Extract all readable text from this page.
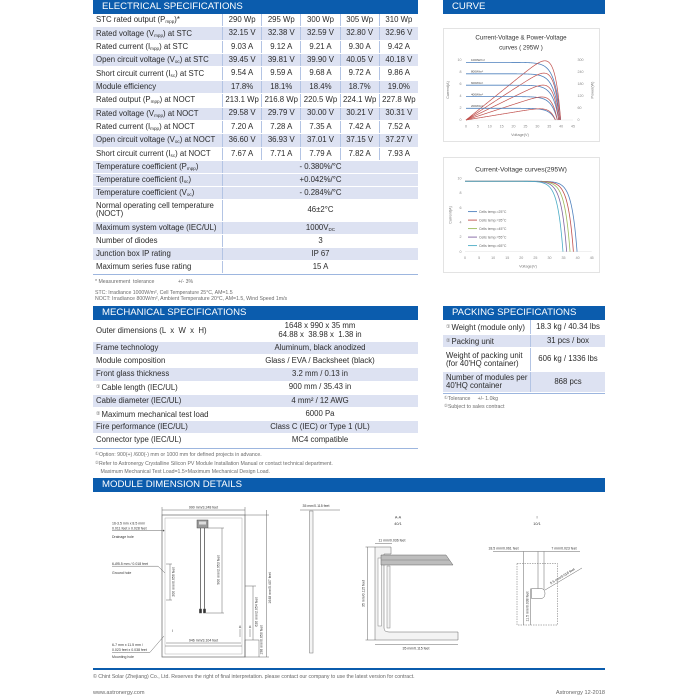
ELECTRICAL SPECIFICATIONS
STC rated output $(P_{mpp})*$	290 Wp	295 Wp	300 Wp	305 Wp	310 Wp
Rated voltage $(V_{mpp})$ at STC	32.15 V	32.38 V	32.59 V	32.80 V	32.96 V
Rated current $(I_{mpp})$ at STC	9.03 A	9.12 A	9.21 A	9.30 A	9.42 A
Open circuit voltage $(V_{oc})$ at STC	39.45 V	39.81 V	39.90 V	40.05 V	40.18 V
Short circuit current $(I_{sc})$ at STC	9.54 A	9.59 A	9.68 A	9.72 A	9.86 A
Module efficiency	17.8%	18.1%	18.4%	18.7%	19.0%
Rated output $(P_{mpp})$ at NOCT	213.1 Wp 216.8 Wp 220.5 Wp 224.1 Wp 227.8 Wp
Rated voltage $(V_{mpp})$ at NOCT	29.58 V	29.79 V	30.00 V	30.21 V	30.31 V
Rated current $(I_{mpp})$ at NOCT	7.20 A	7.28 A	7.35 A	7.42 A	7.52 A
Open circuit voltage $(V_{oc})$ at NOCT	36.60 V	36.93 V	37.01 V	37.15 V	37.27 V
Short circuit current $(I_{sc})$ at NOCT	7.67 A	7.71 A	7.79 A	7.82 A	7.93 A
Temperature coefficient $(P_{mpp})$	- 0.380%/°C
Temperature coefficient $(I_{sc})$	+0.042%/°C
Temperature coefficient $(V_{oc})$	- 0.284%/°C
Normal operating cell temperature (NOCT)	46±2°C
Maximum system voltage (IEC/UL)	$1000V_{DC}$
Number of diodes	3
Junction box IP rating	IP 67
Maximum series fuse rating	15 A
* Measurement  tolerance	+/- 3%
STC: Irradiance 1000W/m², Cell Temperature 25°C, AM=1.5
NOCT: Irradiance 800W/m², Ambient Temperature 20°C, AM=1.5, Wind Speed 1m/s
MECHANICAL SPECIFICATIONS
Outer dimensions (L  x  W  x  H)	1648 x 990 x 35 mm
64.88 x  38.98 x  1.38 in
Frame technology	Aluminum, black anodized
Module composition	Glass / EVA / Backsheet (black)
Front glass thickness	3.2 mm / 0.13 in
①Cable length (IEC/UL)	900 mm / 35.43 in
Cable diameter (IEC/UL)	4 mm² / 12 AWG
②Maximum mechanical test load	6000 Pa
Fire performance (IEC/UL)	Class C (IEC) or Type 1 (UL)
Connector type (IEC/UL)	MC4 compatible
①Option: 900(+) /600(-) mm or 1000 mm for defined projects in advance.
②Refer to Astronergy Crystalline Silicon PV Module Installation Manual or contact technical department.
Maximum Mechanical Test Load=1.5×Maximum Mechanical Design Load.
CURVE
Current-Voltage & Power-Voltage
curves ( 295W )
Current(A)	Power(W)
Voltage(V)
0	5 10 15 20 25 30 35 40 45
0
2
4
6
8
10
0
60
120
180
240
300
1000W/m²
800W/m²
600W/m²
400W/m²
200W/m²
Current-Voltage curves(295W)
Current(A)
Voltage(V)
0	5	10	15	20	25	30	35	40	45
0
2
4
6
8
10
Cells temp.=25°C
Cells temp.=35°C
Cells temp.=45°C
Cells temp.=55°C
Cells temp.=65°C
PACKING SPECIFICATIONS
①Weight (module only)	18.3 kg / 40.34 lbs
②Packing unit	31 pcs / box
Weight of packing unit
(for 40'HQ container)	606 kg / 1336 lbs
Number of modules per
40'HQ container	868 pcs
①Tolerance     +/- 1.0kg
②Subject to sales contract
MODULE DIMENSION DETAILS
990 mm/3.248 feet
900 mm/2.953 feet
200 mm/0.656 feet
16-3.5 mm x 8.5 mm/
0.011 feet x 0.028 feet
Drainage hole
6-Ø5.5 mm / 0.018 feet
Ground hole
946 mm/3.104 feet
I
6-7 mm x 11.5 mm /
0.023 feet x 0.038 feet
Mounting hole
A A
626 mm/2.054 feet
198 mm/0.650 feet
1648 mm/5.407 feet
35 mm/0.115 feet
A-A
40/1
11 mm/0.036 feet
35 mm/0.115 feet
35 mm/0.115 feet
I
10/1
18.5 mm/0.061 feet	7 mm/0.023 feet
5.5 mm/0.018 feet
11.5 mm/0.038 feet
© Chint Solar (Zhejiang) Co., Ltd. Reserves the right of final interpretation. please contact our company to use the latest version for contract.
www.astronergy.com	Astronergy 12-2018
